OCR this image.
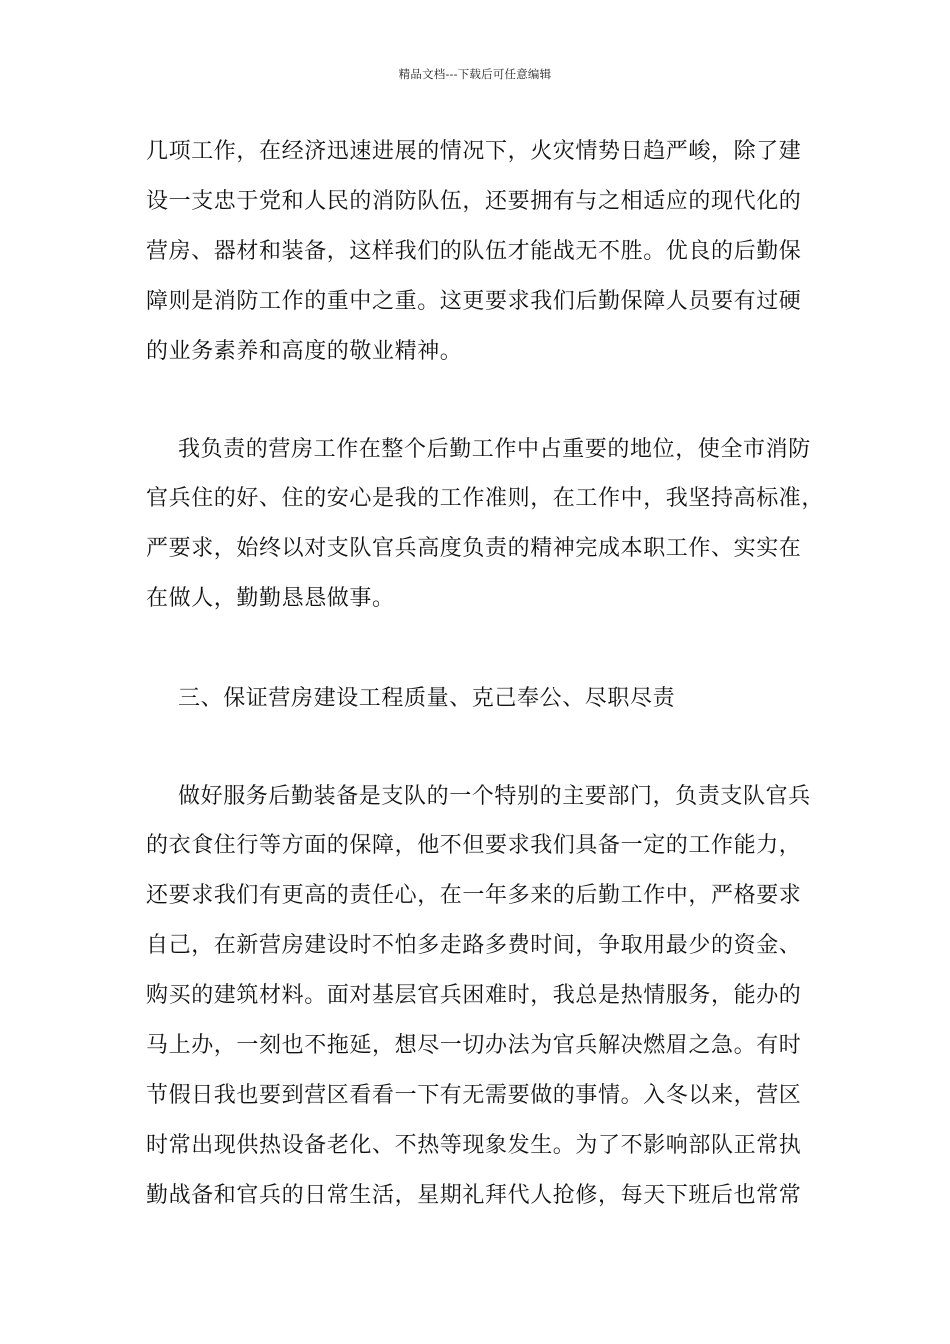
精品文档---下载后可任意编辑
几项工作，在经济迅速进展的情况下，火灾情势日趋严峻，除了建
设一支忠于党和人民的消防队伍，还要拥有与之相适应的现代化的
营房、器材和装备，这样我们的队伍才能战无不胜。优良的后勤保
障则是消防工作的重中之重。这更要求我们后勤保障人员要有过硬
的业务素养和高度的敬业精神。
我负责的营房工作在整个后勤工作中占重要的地位，使全市消防
官兵住的好、住的安心是我的工作准则，在工作中，我坚持高标准，
严要求，始终以对支队官兵高度负责的精神完成本职工作、实实在
在做人，勤勤恳恳做事。
三、保证营房建设工程质量、克己奉公、尽职尽责
做好服务后勤装备是支队的一个特别的主要部门，负责支队官兵
的衣食住行等方面的保障，他不但要求我们具备一定的工作能力，
还要求我们有更高的责任心，在一年多来的后勤工作中，严格要求
自己，在新营房建设时不怕多走路多费时间，争取用最少的资金、
购买的建筑材料。面对基层官兵困难时，我总是热情服务，能办的
马上办，一刻也不拖延，想尽一切办法为官兵解决燃眉之急。有时
节假日我也要到营区看看一下有无需要做的事情。入冬以来，营区
时常出现供热设备老化、不热等现象发生。为了不影响部队正常执
勤战备和官兵的日常生活，星期礼拜代人抢修，每天下班后也常常
